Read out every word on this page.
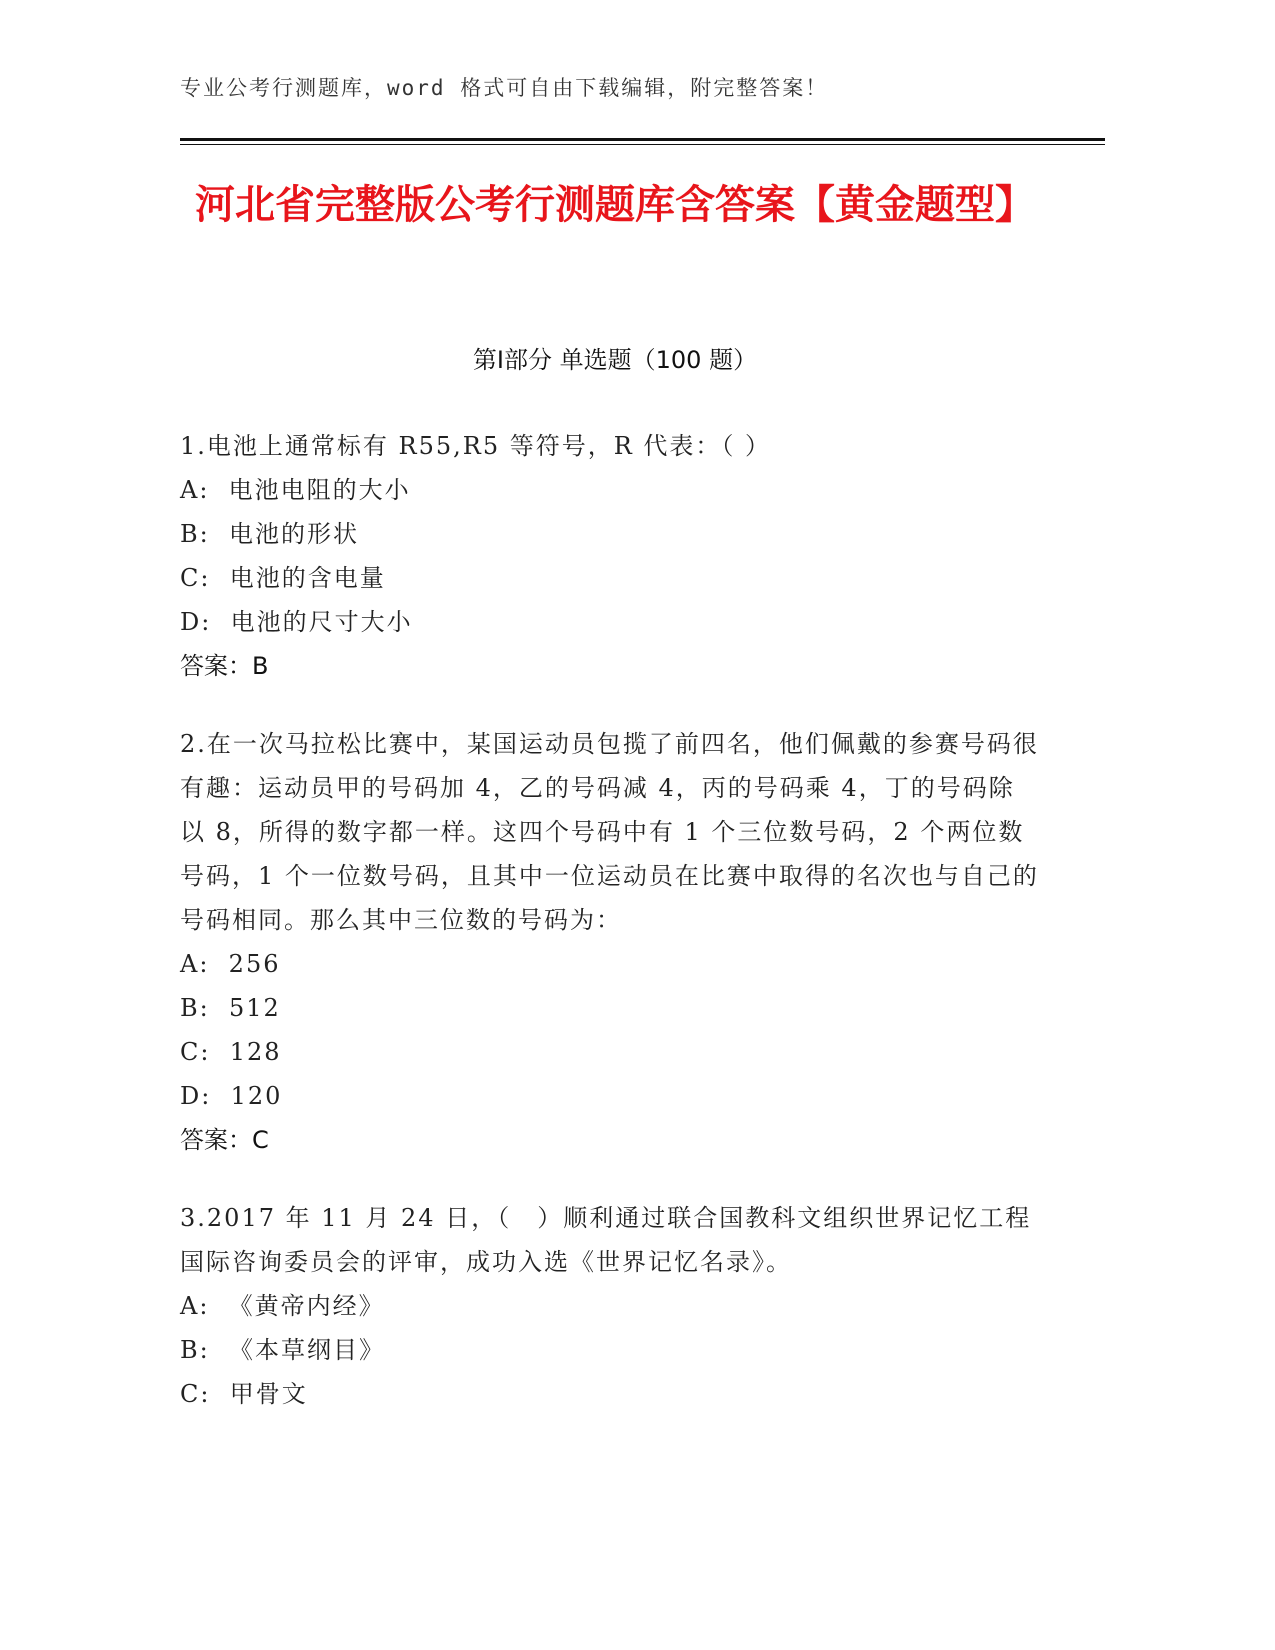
专业公考行测题库，word 格式可自由下载编辑，附完整答案！
河北省完整版公考行测题库含答案【黄金题型】
第Ⅰ部分 单选题（100 题）
1.电池上通常标有 R55,R5 等符号，R 代表：（ ）
A:  电池电阻的大小
B:  电池的形状
C:  电池的含电量
D:  电池的尺寸大小
答案：B
2.在一次马拉松比赛中，某国运动员包揽了前四名，他们佩戴的参赛号码很有趣：运动员甲的号码加 4，乙的号码减 4，丙的号码乘 4，丁的号码除以 8，所得的数字都一样。这四个号码中有 1 个三位数号码，2 个两位数号码，1 个一位数号码，且其中一位运动员在比赛中取得的名次也与自己的号码相同。那么其中三位数的号码为：
A:  256
B:  512
C:  128
D:  120
答案：C
3.2017 年 11 月 24 日，（　）顺利通过联合国教科文组织世界记忆工程国际咨询委员会的评审，成功入选《世界记忆名录》。
A:  《黄帝内经》
B:  《本草纲目》
C:  甲骨文
